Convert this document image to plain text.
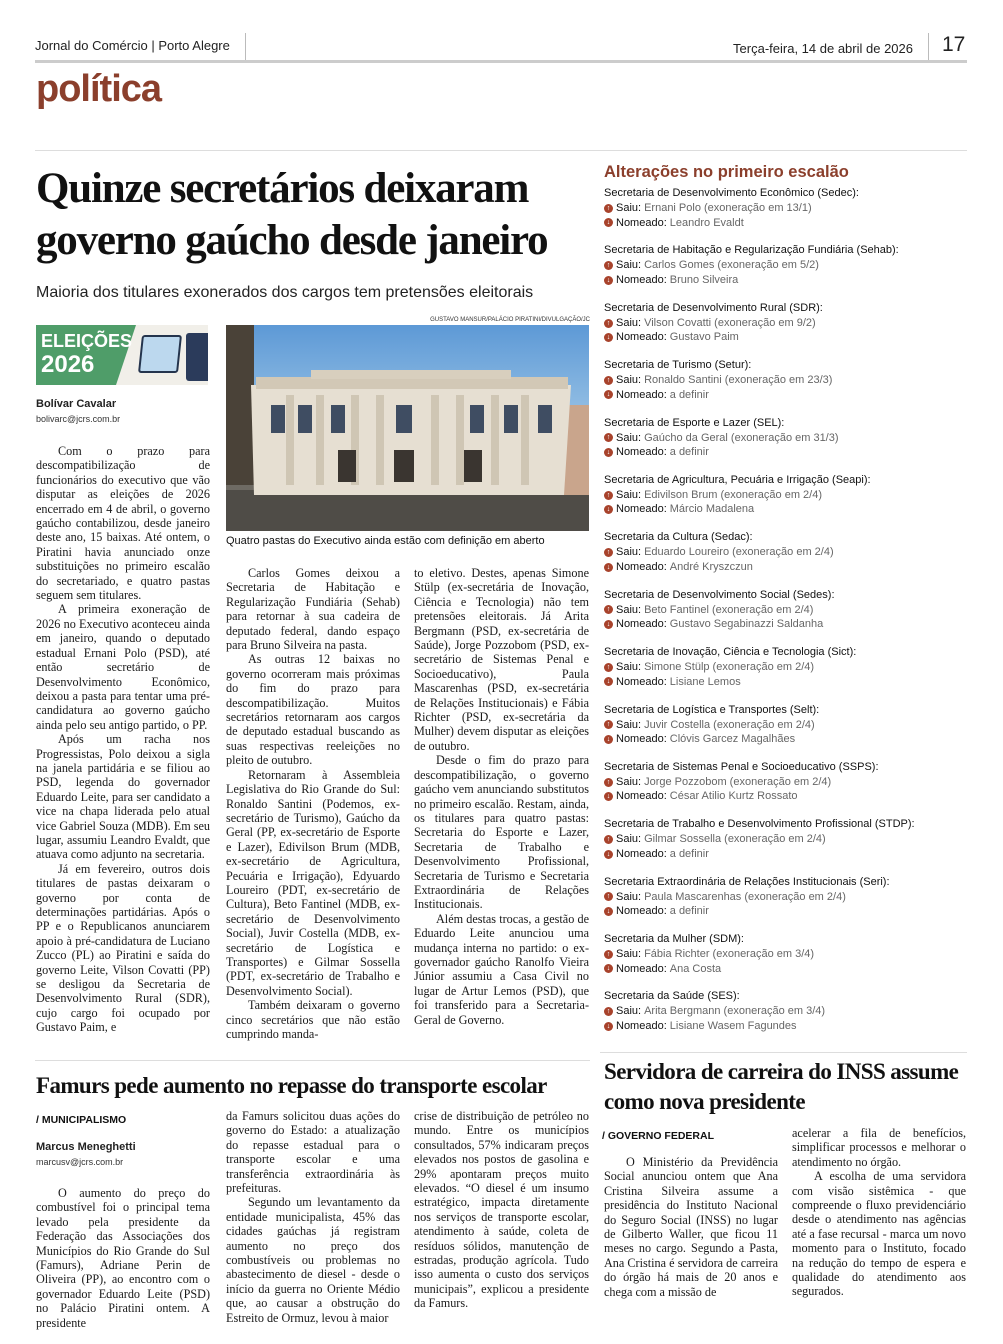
Jornal do Comércio | Porto Alegre	Terça-feira, 14 de abril de 2026 17
política
Quinze secretários deixaram governo gaúcho desde janeiro
Maioria dos titulares exonerados dos cargos tem pretensões eleitorais
ELEIÇÕES
2026
Bolívar Cavalar
bolivarc@jcrs.com.br

Com o prazo para descompatibilização de funcionários do executivo que vão disputar as eleições de 2026 encerrado em 4 de abril, o governo gaúcho contabilizou, desde janeiro deste ano, 15 baixas. Até ontem, o Piratini havia anunciado onze substituições no primeiro escalão do secretariado, e quatro pastas seguem sem titulares.

A primeira exoneração de 2026 no Executivo aconteceu ainda em janeiro, quando o deputado estadual Ernani Polo (PSD), até então secretário de Desenvolvimento Econômico, deixou a pasta para tentar uma pré-candidatura ao governo gaúcho ainda pelo seu antigo partido, o PP.

Após um racha nos Progressistas, Polo deixou a sigla na janela partidária e se filiou ao PSD, legenda do governador Eduardo Leite, para ser candidato a vice na chapa liderada pelo atual vice Gabriel Souza (MDB). Em seu lugar, assumiu Leandro Evaldt, que atuava como adjunto na secretaria.

Já em fevereiro, outros dois titulares de pastas deixaram o governo por conta de determinações partidárias. Após o PP e o Republicanos anunciarem apoio à pré-candidatura de Luciano Zucco (PL) ao Piratini e saída do governo Leite, Vilson Covatti (PP) se desligou da Secretaria de Desenvolvimento Rural (SDR), cujo cargo foi ocupado por Gustavo Paim, e

GUSTAVO MANSUR/PALÁCIO PIRATINI/DIVULGAÇÃO/JC
Quatro pastas do Executivo ainda estão com definição em aberto

Carlos Gomes deixou a Secretaria de Habitação e Regularização Fundiária (Sehab) para retornar à sua cadeira de deputado federal, dando espaço para Bruno Silveira na pasta.

As outras 12 baixas no governo ocorreram mais próximas do fim do prazo para descompatibilização. Muitos secretários retornaram aos cargos de deputado estadual buscando as suas respectivas reeleições no pleito de outubro.

Retornaram à Assembleia Legislativa do Rio Grande do Sul: Ronaldo Santini (Podemos, ex-secretário de Turismo), Gaúcho da Geral (PP, ex-secretário de Esporte e Lazer), Edivilson Brum (MDB, ex-secretário de Agricultura, Pecuária e Irrigação), Edyuardo Loureiro (PDT, ex-secretário de Cultura), Beto Fantinel (MDB, ex-secretário de Desenvolvimento Social), Juvir Costella (MDB, ex-secretário de Logística e Transportes) e Gilmar Sossella (PDT, ex-secretário de Trabalho e Desenvolvimento Social).

Também deixaram o governo cinco secretários que não estão cumprindo manda-

to eletivo. Destes, apenas Simone Stülp (ex-secretária de Inovação, Ciência e Tecnologia) não tem pretensões eleitorais. Já Arita Bergmann (PSD, ex-secretária de Saúde), Jorge Pozzobom (PSD, ex-secretário de Sistemas Penal e Socioeducativo), Paula Mascarenhas (PSD, ex-secretária de Relações Institucionais) e Fábia Richter (PSD, ex-secretária da Mulher) devem disputar as eleições de outubro.

Desde o fim do prazo para descompatibilização, o governo gaúcho vem anunciando substitutos no primeiro escalão. Restam, ainda, os titulares para quatro pastas: Secretaria do Esporte e Lazer, Secretaria de Trabalho e Desenvolvimento Profissional, Secretaria de Turismo e Secretaria Extraordinária de Relações Institucionais.

Além destas trocas, a gestão de Eduardo Leite anunciou uma mudança interna no partido: o ex-governador gaúcho Ranolfo Vieira Júnior assumiu a Casa Civil no lugar de Artur Lemos (PSD), que foi transferido para a Secretaria-Geral de Governo.

Alterações no primeiro escalão
Secretaria de Desenvolvimento Econômico (Sedec):
↑ Saiu: Ernani Polo (exoneração em 13/1)
↓ Nomeado: Leandro Evaldt
Secretaria de Habitação e Regularização Fundiária (Sehab):
↑ Saiu: Carlos Gomes (exoneração em 5/2)
↓ Nomeado: Bruno Silveira
Secretaria de Desenvolvimento Rural (SDR):
↑ Saiu: Vilson Covatti (exoneração em 9/2)
↓ Nomeado: Gustavo Paim
Secretaria de Turismo (Setur):
↑ Saiu: Ronaldo Santini (exoneração em 23/3)
↓ Nomeado: a definir
Secretaria de Esporte e Lazer (SEL):
↑ Saiu: Gaúcho da Geral (exoneração em 31/3)
↓ Nomeado: a definir
Secretaria de Agricultura, Pecuária e Irrigação (Seapi):
↑ Saiu: Edivilson Brum (exoneração em 2/4)
↓ Nomeado: Márcio Madalena
Secretaria da Cultura (Sedac):
↑ Saiu: Eduardo Loureiro (exoneração em 2/4)
↓ Nomeado: André Kryszczun
Secretaria de Desenvolvimento Social (Sedes):
↑ Saiu: Beto Fantinel (exoneração em 2/4)
↓ Nomeado: Gustavo Segabinazzi Saldanha
Secretaria de Inovação, Ciência e Tecnologia (Sict):
↑ Saiu: Simone Stülp (exoneração em 2/4)
↓ Nomeado: Lisiane Lemos
Secretaria de Logística e Transportes (Selt):
↑ Saiu: Juvir Costella (exoneração em 2/4)
↓ Nomeado: Clóvis Garcez Magalhães
Secretaria de Sistemas Penal e Socioeducativo (SSPS):
↑ Saiu: Jorge Pozzobom (exoneração em 2/4)
↓ Nomeado: César Atilio Kurtz Rossato
Secretaria de Trabalho e Desenvolvimento Profissional (STDP):
↑ Saiu: Gilmar Sossella (exoneração em 2/4)
↓ Nomeado: a definir
Secretaria Extraordinária de Relações Institucionais (Seri):
↑ Saiu: Paula Mascarenhas (exoneração em 2/4)
↓ Nomeado: a definir
Secretaria da Mulher (SDM):
↑ Saiu: Fábia Richter (exoneração em 3/4)
↓ Nomeado: Ana Costa
Secretaria da Saúde (SES):
↑ Saiu: Arita Bergmann (exoneração em 3/4)
↓ Nomeado: Lisiane Wasem Fagundes
Famurs pede aumento no repasse do transporte escolar
/ MUNICIPALISMO
Marcus Meneghetti
marcusv@jcrs.com.br

O aumento do preço do combustível foi o principal tema levado pela presidente da Federação das Associações dos Municípios do Rio Grande do Sul (Famurs), Adriane Perin de Oliveira (PP), ao encontro com o governador Eduardo Leite (PSD) no Palácio Piratini ontem. A presidente

da Famurs solicitou duas ações do governo do Estado: a atualização do repasse estadual para o transporte escolar e uma transferência extraordinária às prefeituras.

Segundo um levantamento da entidade municipalista, 45% das cidades gaúchas já registram aumento no preço dos combustíveis ou problemas no abastecimento de diesel - desde o início da guerra no Oriente Médio que, ao causar a obstrução do Estreito de Ormuz, levou à maior

crise de distribuição de petróleo no mundo. Entre os municípios consultados, 57% indicaram preços elevados nos postos de gasolina e 29% apontaram preços muito elevados. “O diesel é um insumo estratégico, impacta diretamente nos serviços de transporte escolar, atendimento à saúde, coleta de resíduos sólidos, manutenção de estradas, produção agrícola. Tudo isso aumenta o custo dos serviços municipais”, explicou a presidente da Famurs.

Servidora de carreira do INSS assume como nova presidente
/ GOVERNO FEDERAL

O Ministério da Previdência Social anunciou ontem que Ana Cristina Silveira assume a presidência do Instituto Nacional do Seguro Social (INSS) no lugar de Gilberto Waller, que ficou 11 meses no cargo. Segundo a Pasta, Ana Cristina é servidora de carreira do órgão há mais de 20 anos e chega com a missão de

acelerar a fila de benefícios, simplificar processos e melhorar o atendimento no órgão.

A escolha de uma servidora com visão sistêmica - que compreende o fluxo previdenciário desde o atendimento nas agências até a fase recursal - marca um novo momento para o Instituto, focado na redução do tempo de espera e qualidade do atendimento aos segurados.
